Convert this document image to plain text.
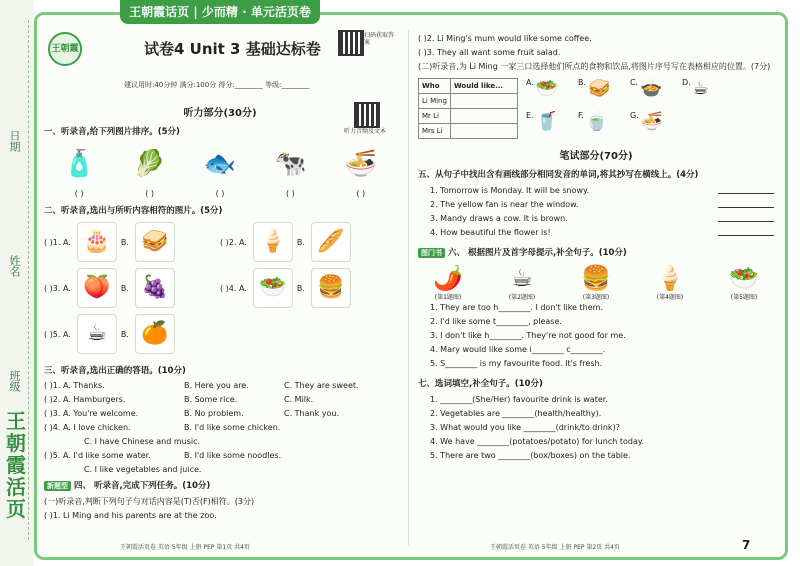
日期
姓名
班级
王朝霞活页
王朝霞话页 | 少而精 · 单元活页卷
王朝霞	试卷4 Unit 3 基础达标卷
扫码获取答案
建议用时:40分钟 满分:100分 得分:________ 等级:________
听力音频及文本
听力部分(30分)
一、听录音,给下列图片排序。(5分)
🧴 🥬 🐟 🐄 🍜
( )	( )	( )	( )	( )
二、听录音,选出与所听内容相符的图片。(5分)
( )1. A. 🎂	B. 🥪	( )2. A. 🍦	B. 🥖
( )3. A. 🍑	B. 🍇	( )4. A. 🥗	B. 🍔
( )5. A. ☕	B. 🍊
三、听录音,选出正确的答语。(10分)
( )1. A. Thanks.	B. Here you are.	C. They are sweet.
( )2. A. Hamburgers.	B. Some rice.	C. Milk.
( )3. A. You're welcome.	B. No problem.	C. Thank you.
( )4. A. I love chicken.	B. I'd like some chicken.
C. I have Chinese and music.
( )5. A. I'd like some water.	B. I'd like some noodles.
C. I like vegetables and juice.
新题型 四、 听录音,完成下列任务。(10分)
(一)听录音,判断下列句子与对话内容是(T)否(F)相符。(3分)
( )1. Li Ming and his parents are at the zoo.
( )2. Li Ming's mum would like some coffee.
( )3. They all want some fruit salad.
(二)听录音,为 Li Ming 一家三口选择他们所点的食物和饮品,将图片序号写在表格相应的位置。(7分)
Who	Would like...
Li Ming	
Mr Li	
Mrs Li	
A. 🥗 B. 🥪 C. 🍲 D. ☕
E. 🥤 F. 🍵	G. 🍜
笔试部分(70分)
五、从句子中找出含有画线部分相同发音的单词,将其抄写在横线上。(4分)
1. Tomorrow is Monday. It will be snowy.
2. The yellow fan is near the window.
3. Mandy draws a cow. It is brown.
4. How beautiful the flower is!
图门书 六、 根据图片及首字母提示,补全句子。(10分)
🌶️
(第1题图)
☕
(第2题图)
🍔
(第3题图)
🍦
(第4题图)
🥗
(第5题图)
1. They are too h________. I don't like them.
2. I'd like some t________, please.
3. I don't like h________. They're not good for me.
4. Mary would like some i________ c________.
5. S________ is my favourite food. It's fresh.
七、选词填空,补全句子。(10分)
1. ________(She/Her) favourite drink is water.
2. Vegetables are ________(health/healthy).
3. What would you like ________(drink/to drink)?
4. We have ________(potatoes/potato) for lunch today.
5. There are two ________(box/boxes) on the table.
王朝霞活页卷 英语 5年级 上册 PEP 第1页 共4页	王朝霞活页卷 英语 5年级 上册 PEP 第2页 共4页	7
